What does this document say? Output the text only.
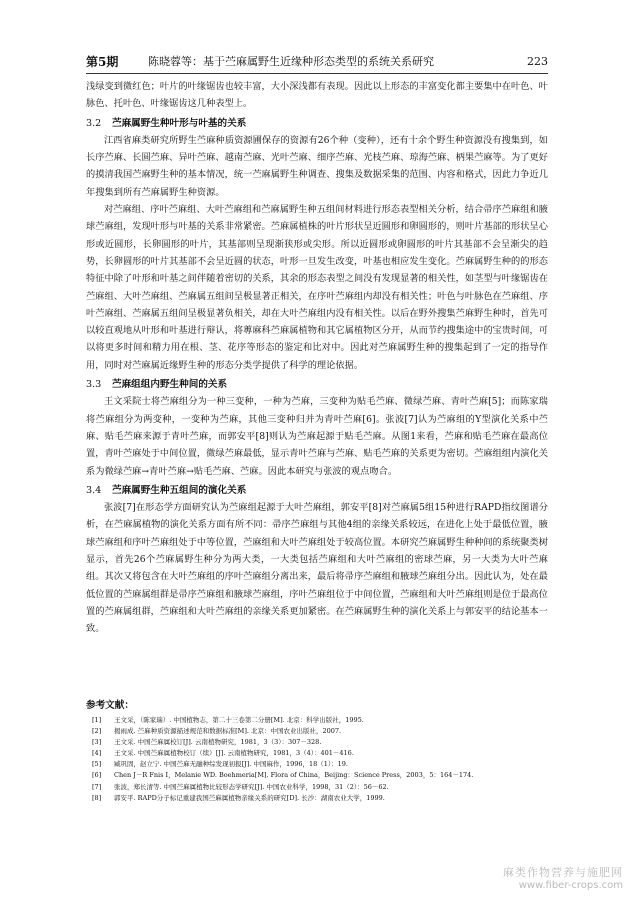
第5期	陈晓蓉等：基于苎麻属野生近缘种形态类型的系统关系研究	223

浅绿变到微红色；叶片的叶缘锯齿也较丰富，大小深浅都有表现。因此以上形态的丰富变化都主要集中在叶色、叶脉色、托叶色、叶缘锯齿这几种表型上。

3.2 苎麻属野生种叶形与叶基的关系

江西省麻类研究所野生苎麻种质资源圃保存的资源有26个种（变种），还有十余个野生种资源没有搜集到，如长序苎麻、长圆苎麻、异叶苎麻、越南苎麻、光叶苎麻、细序苎麻、光枝苎麻、琼海苎麻、柄果苎麻等。为了更好的摸清我国苎麻野生种的基本情况，统一苎麻属野生种调查、搜集及数据采集的范围、内容和格式，因此力争近几年搜集到所有苎麻属野生种资源。

对苎麻组、序叶苎麻组、大叶苎麻组和苎麻属野生种五组间材料进行形态表型相关分析，结合帚序苎麻组和腋球苎麻组，发现叶形与叶基的关系非常紧密。苎麻属植株的叶片形状呈近圆形和卵圆形的，则叶片基部的形状呈心形或近圆形，长卵圆形的叶片，其基部则呈现渐狭形或尖形。所以近圆形或卵圆形的叶片其基部不会呈渐尖的趋势，长卵圆形的叶片其基部不会呈近圆的状态，叶形一旦发生改变，叶基也相应发生变化。苎麻属野生种的的形态特征中除了叶形和叶基之间伴随着密切的关系，其余的形态表型之间没有发现显著的相关性，如茎型与叶缘锯齿在苎麻组、大叶苎麻组、苎麻属五组间呈极显著正相关，在序叶苎麻组内却没有相关性；叶色与叶脉色在苎麻组、序叶苎麻组、苎麻属五组间呈极显著负相关，却在大叶苎麻组内没有相关性。以后在野外搜集苎麻野生种时，首先可以较直观地从叶形和叶基进行辩认，将蓴麻科苎麻属植物和其它属植物区分开，从而节约搜集途中的宝贵时间，可以将更多时间和精力用在根、茎、花序等形态的鉴定和比对中。因此对苎麻属野生种的搜集起到了一定的指导作用，同时对苎麻属近缘野生种的形态分类学提供了科学的理论依据。

3.3 苎麻组组内野生种间的关系

王文采院士将苎麻组分为一种三变种，一种为苎麻，三变种为贴毛苎麻、微绿苎麻、青叶苎麻[5]；而陈家瑞将苎麻组分为两变种，一变种为苎麻，其他三变种归并为青叶苎麻[6]。张波[7]认为苎麻组的Y型演化关系中苎麻、贴毛苎麻来源于青叶苎麻，而郭安平[8]则认为苎麻起源于贴毛苎麻。从图1来看，苎麻和贴毛苎麻在最高位置，青叶苎麻处于中间位置，微绿苎麻最低，显示青叶苎麻与苎麻、贴毛苎麻的关系更为密切。苎麻组组内演化关系为微绿苎麻→青叶苎麻→贴毛苎麻、苎麻。因此本研究与张波的观点吻合。

3.4 苎麻属野生种五组间的演化关系

张波[7]在形态学方面研究认为苎麻组起源于大叶苎麻组，郭安平[8]对苎麻属5组15种进行RAPD指纹图谱分析，在苎麻属植物的演化关系方面有所不同：帚序苎麻组与其他4组的亲缘关系较远，在进化上处于最低位置，腋球苎麻组和序叶苎麻组处于中等位置，苎麻组和大叶苎麻组处于较高位置。本研究苎麻属野生种种间的系统聚类树显示，首先26个苎麻属野生种分为两大类，一大类包括苎麻组和大叶苎麻组的密球苎麻，另一大类为大叶苎麻组。其次又将包含在大叶苎麻组的序叶苎麻组分离出来，最后将帚序苎麻组和腋球苎麻组分出。因此认为，处在最低位置的苎麻属组群是帚序苎麻组和腋球苎麻组，序叶苎麻组位于中间位置，苎麻组和大叶苎麻组则是位于最高位置的苎麻属组群，苎麻组和大叶苎麻组的亲缘关系更加紧密。在苎麻属野生种的演化关系上与郭安平的结论基本一致。

参考文献：

[1] 王文采，（陈家瑞）. 中国植物志，第二十三卷第二分册[M]. 北京：科学出版社，1995.

[2] 揭雨成. 苎麻种质资源描述规范和数据标准[M]. 北京：中国农业出版社，2007.

[3] 王文采. 中国苎麻属校订[J]. 云南植物研究，1981，3（3）：307－328.

[4] 王文采. 中国苎麻属植物校订（续）[J]. 云南植物研究，1981，3（4）：401－416.

[5] 臧巩固，赵立宁. 中国苎麻无融种综发现初报[J]. 中国麻作，1996，18（1）：19.

[6] Chen J－R Fnis I，Melanie WD. Boehmeria[M]. Flora of China，Beijing：Science Press，2003，5：164－174.

[7] 张波，郑长清等. 中国苎麻属植物比较形态学研究[J]. 中国农业科学，1998，31（2）：56－62.

[8] 郭安平. RAPD分子标记重建我国苎麻属植物亲缘关系的研究[D]. 长沙：湖南农业大学，1999.

麻类作物营养与施肥网
www.fiber-crops.com
